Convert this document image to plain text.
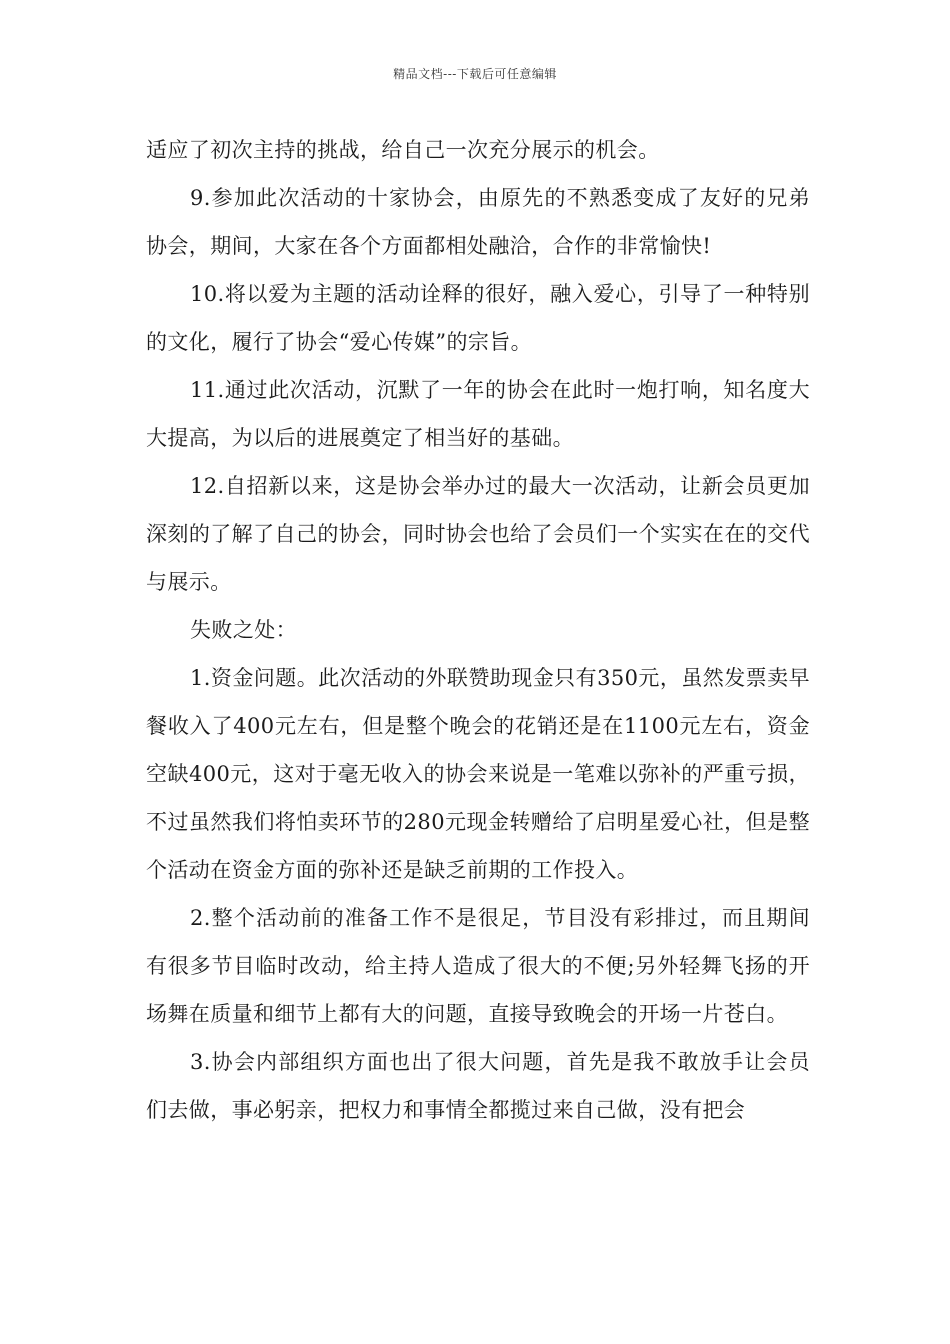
精品文档---下载后可任意编辑

适应了初次主持的挑战，给自己一次充分展示的机会。

9.参加此次活动的十家协会，由原先的不熟悉变成了友好的兄弟协会，期间，大家在各个方面都相处融洽，合作的非常愉快!

10.将以爱为主题的活动诠释的很好，融入爱心，引导了一种特别的文化，履行了协会“爱心传媒”的宗旨。

11.通过此次活动，沉默了一年的协会在此时一炮打响，知名度大大提高，为以后的进展奠定了相当好的基础。

12.自招新以来，这是协会举办过的最大一次活动，让新会员更加深刻的了解了自己的协会，同时协会也给了会员们一个实实在在的交代与展示。

失败之处：

1.资金问题。此次活动的外联赞助现金只有350元，虽然发票卖早餐收入了400元左右，但是整个晚会的花销还是在1100元左右，资金空缺400元，这对于毫无收入的协会来说是一笔难以弥补的严重亏损，不过虽然我们将怕卖环节的280元现金转赠给了启明星爱心社，但是整个活动在资金方面的弥补还是缺乏前期的工作投入。

2.整个活动前的准备工作不是很足，节目没有彩排过，而且期间有很多节目临时改动，给主持人造成了很大的不便;另外轻舞飞扬的开场舞在质量和细节上都有大的问题，直接导致晚会的开场一片苍白。

3.协会内部组织方面也出了很大问题，首先是我不敢放手让会员们去做，事必躬亲，把权力和事情全都揽过来自己做，没有把会
